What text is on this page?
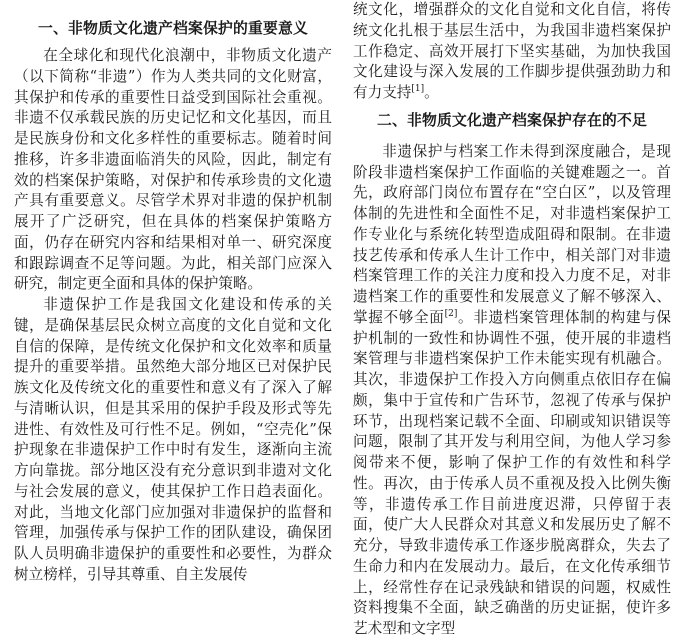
一、非物质文化遗产档案保护的重要意义

在全球化和现代化浪潮中，非物质文化遗产（以下简称“非遗”）作为人类共同的文化财富，其保护和传承的重要性日益受到国际社会重视。非遗不仅承载民族的历史记忆和文化基因，而且是民族身份和文化多样性的重要标志。随着时间推移，许多非遗面临消失的风险，因此，制定有效的档案保护策略，对保护和传承珍贵的文化遗产具有重要意义。尽管学术界对非遗的保护机制展开了广泛研究，但在具体的档案保护策略方面，仍存在研究内容和结果相对单一、研究深度和跟踪调查不足等问题。为此，相关部门应深入研究，制定更全面和具体的保护策略。

非遗保护工作是我国文化建设和传承的关键，是确保基层民众树立高度的文化自觉和文化自信的保障，是传统文化保护和文化效率和质量提升的重要举措。虽然绝大部分地区已对保护民族文化及传统文化的重要性和意义有了深入了解与清晰认识，但是其采用的保护手段及形式等先进性、有效性及可行性不足。例如，“空壳化”保护现象在非遗保护工作中时有发生，逐渐向主流方向靠拢。部分地区没有充分意识到非遗对文化与社会发展的意义，使其保护工作日趋表面化。对此，当地文化部门应加强对非遗保护的监督和管理，加强传承与保护工作的团队建设，确保团队人员明确非遗保护的重要性和必要性，为群众树立榜样，引导其尊重、自主发展传

统文化，增强群众的文化自觉和文化自信，将传统文化扎根于基层生活中，为我国非遗档案保护工作稳定、高效开展打下坚实基础，为加快我国文化建设与深入发展的工作脚步提供强劲助力和有力支持[1]。

二、非物质文化遗产档案保护存在的不足

非遗保护与档案工作未得到深度融合，是现阶段非遗档案保护工作面临的关键难题之一。首先，政府部门岗位布置存在“空白区”，以及管理体制的先进性和全面性不足，对非遗档案保护工作专业化与系统化转型造成阻碍和限制。在非遗技艺传承和传承人生计工作中，相关部门对非遗档案管理工作的关注力度和投入力度不足，对非遗档案工作的重要性和发展意义了解不够深入、掌握不够全面[2]。非遗档案管理体制的构建与保护机制的一致性和协调性不强，使开展的非遗档案管理与非遗档案保护工作未能实现有机融合。其次，非遗保护工作投入方向侧重点依旧存在偏颇，集中于宣传和广告环节，忽视了传承与保护环节，出现档案记载不全面、印刷或知识错误等问题，限制了其开发与利用空间，为他人学习参阅带来不便，影响了保护工作的有效性和科学性。再次，由于传承人员不重视及投入比例失衡等，非遗传承工作目前进度迟滞，只停留于表面，使广大人民群众对其意义和发展历史了解不充分，导致非遗传承工作逐步脱离群众，失去了生命力和内在发展动力。最后，在文化传承细节上，经常性存在记录残缺和错误的问题，权威性资料搜集不全面，缺乏确凿的历史证据，使许多艺术型和文字型
